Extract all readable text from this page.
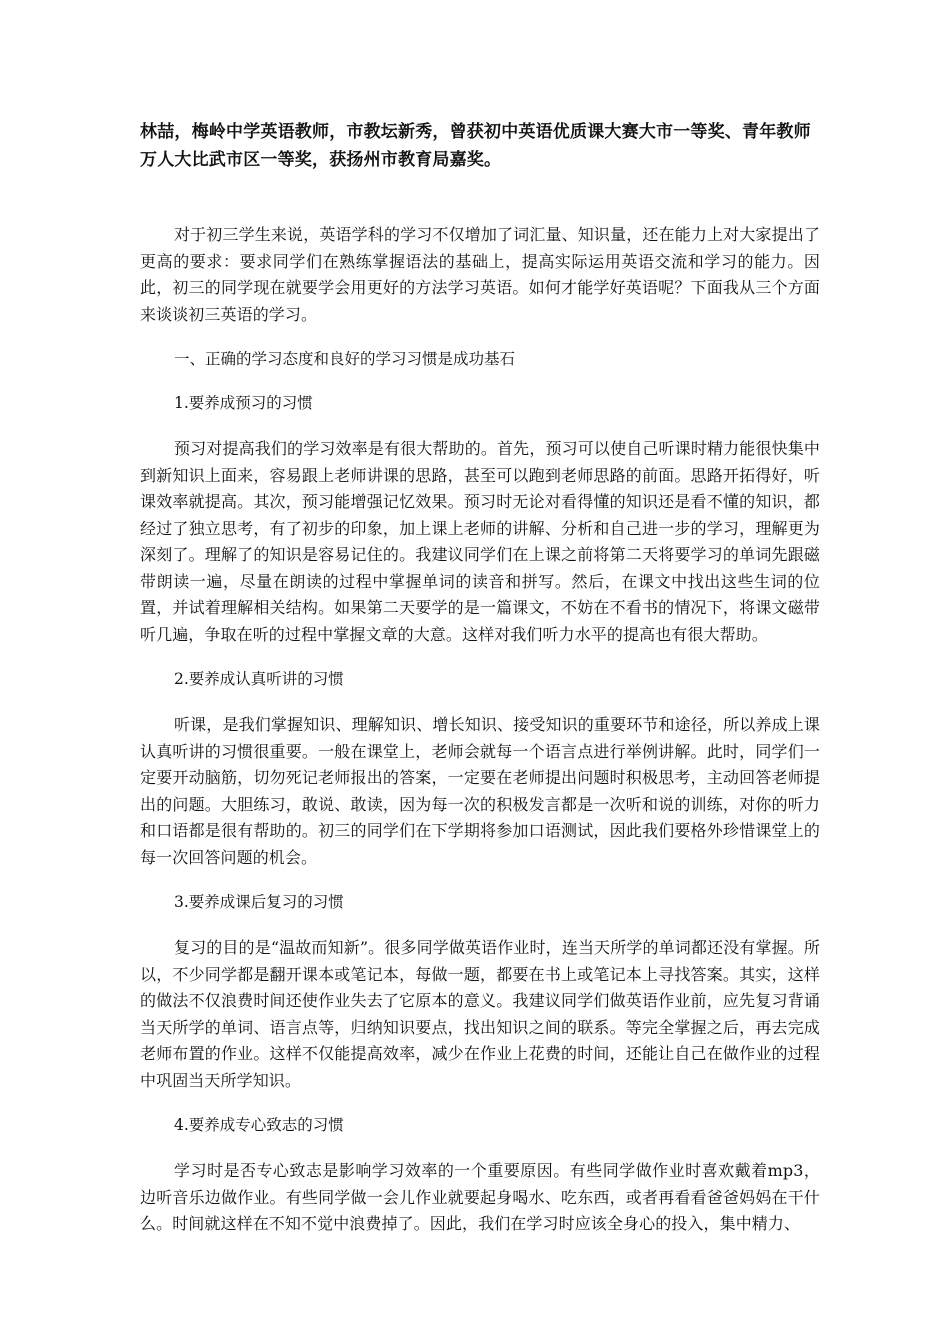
林喆，梅岭中学英语教师，市教坛新秀，曾获初中英语优质课大赛大市一等奖、青年教师万人大比武市区一等奖，获扬州市教育局嘉奖。

对于初三学生来说，英语学科的学习不仅增加了词汇量、知识量，还在能力上对大家提出了更高的要求：要求同学们在熟练掌握语法的基础上，提高实际运用英语交流和学习的能力。因此，初三的同学现在就要学会用更好的方法学习英语。如何才能学好英语呢？下面我从三个方面来谈谈初三英语的学习。

一、正确的学习态度和良好的学习习惯是成功基石

1.要养成预习的习惯

预习对提高我们的学习效率是有很大帮助的。首先，预习可以使自己听课时精力能很快集中到新知识上面来，容易跟上老师讲课的思路，甚至可以跑到老师思路的前面。思路开拓得好，听课效率就提高。其次，预习能增强记忆效果。预习时无论对看得懂的知识还是看不懂的知识，都经过了独立思考，有了初步的印象，加上课上老师的讲解、分析和自己进一步的学习，理解更为深刻了。理解了的知识是容易记住的。我建议同学们在上课之前将第二天将要学习的单词先跟磁带朗读一遍，尽量在朗读的过程中掌握单词的读音和拼写。然后，在课文中找出这些生词的位置，并试着理解相关结构。如果第二天要学的是一篇课文，不妨在不看书的情况下，将课文磁带听几遍，争取在听的过程中掌握文章的大意。这样对我们听力水平的提高也有很大帮助。

2.要养成认真听讲的习惯

听课，是我们掌握知识、理解知识、增长知识、接受知识的重要环节和途径，所以养成上课认真听讲的习惯很重要。一般在课堂上，老师会就每一个语言点进行举例讲解。此时，同学们一定要开动脑筋，切勿死记老师报出的答案，一定要在老师提出问题时积极思考，主动回答老师提出的问题。大胆练习，敢说、敢读，因为每一次的积极发言都是一次听和说的训练，对你的听力和口语都是很有帮助的。初三的同学们在下学期将参加口语测试，因此我们要格外珍惜课堂上的每一次回答问题的机会。

3.要养成课后复习的习惯

复习的目的是“温故而知新”。很多同学做英语作业时，连当天所学的单词都还没有掌握。所以，不少同学都是翻开课本或笔记本，每做一题，都要在书上或笔记本上寻找答案。其实，这样的做法不仅浪费时间还使作业失去了它原本的意义。我建议同学们做英语作业前，应先复习背诵当天所学的单词、语言点等，归纳知识要点，找出知识之间的联系。等完全掌握之后，再去完成老师布置的作业。这样不仅能提高效率，减少在作业上花费的时间，还能让自己在做作业的过程中巩固当天所学知识。

4.要养成专心致志的习惯

学习时是否专心致志是影响学习效率的一个重要原因。有些同学做作业时喜欢戴着mp3，边听音乐边做作业。有些同学做一会儿作业就要起身喝水、吃东西，或者再看看爸爸妈妈在干什么。时间就这样在不知不觉中浪费掉了。因此，我们在学习时应该全身心的投入，集中精力、
